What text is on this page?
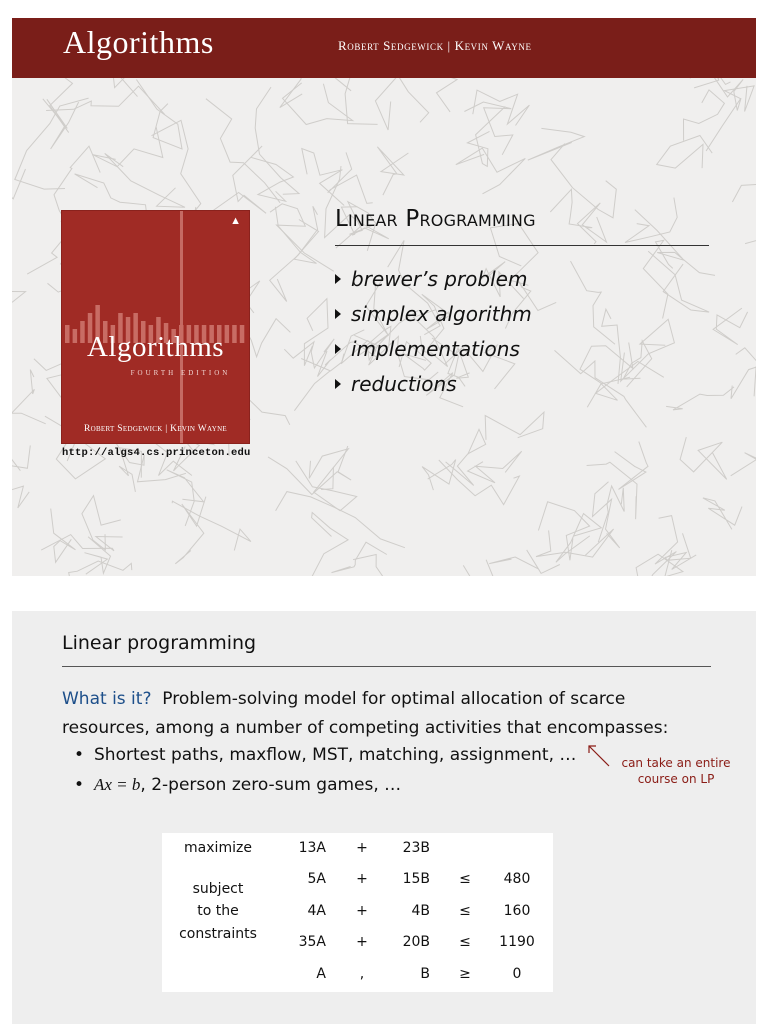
Algorithms	Robert Sedgewick | Kevin Wayne
▲
Algorithms
FOURTH EDITION
Robert Sedgewick | Kevin Wayne
http://algs4.cs.princeton.edu
Linear Programming
brewer’s problem
simplex algorithm
implementations
reductions
Linear programming
What is it? Problem-solving model for optimal allocation of scarce
resources, among a number of competing activities that encompasses:
• Shortest paths, maxflow, MST, matching, assignment, …
• Ax = b, 2-person zero-sum games, …
can take an entire
course on LP
maximize
subject
to the
constraints
13A +	23B
5A +	15B ≤	480
4A +	4B ≤	160
35A +	20B ≤	1190
A	,	B ≥	0
